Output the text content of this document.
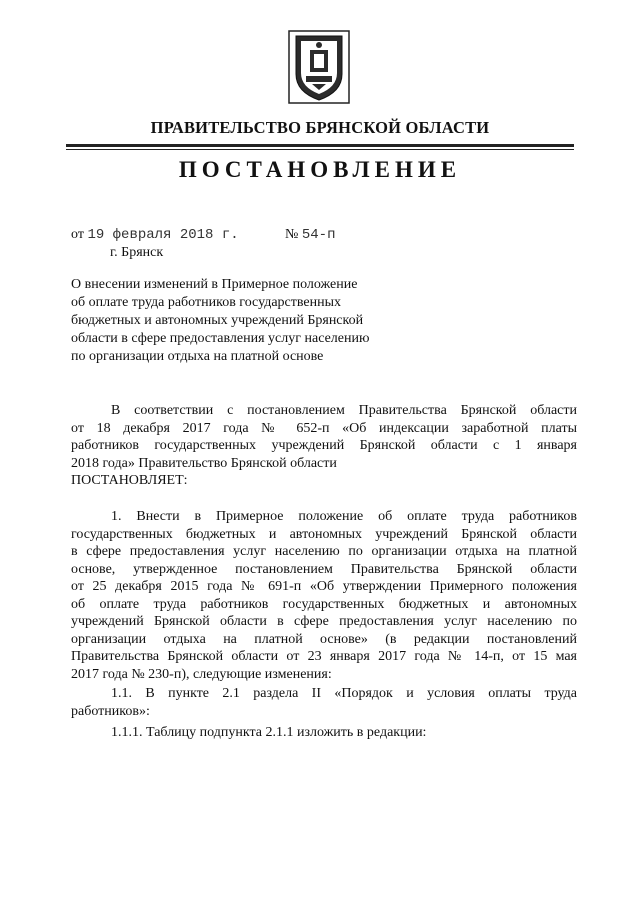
ПРАВИТЕЛЬСТВО БРЯНСКОЙ ОБЛАСТИ
ПОСТАНОВЛЕНИЕ
от 19 февраля 2018 г.	№ 54-п
г. Брянск
О внесении изменений в Примерное положение
об оплате труда работников государственных
бюджетных и автономных учреждений Брянской
области в сфере предоставления услуг населению
по организации отдыха на платной основе
В соответствии с постановлением Правительства Брянской области
от 18 декабря 2017 года № 652-п «Об индексации заработной платы
работников государственных учреждений Брянской области с 1 января
2018 года» Правительство Брянской области
ПОСТАНОВЛЯЕТ:
1. Внести в Примерное положение об оплате труда работников
государственных бюджетных и автономных учреждений Брянской области
в сфере предоставления услуг населению по организации отдыха на платной
основе, утвержденное постановлением Правительства Брянской области
от 25 декабря 2015 года № 691-п «Об утверждении Примерного положения
об оплате труда работников государственных бюджетных и автономных
учреждений Брянской области в сфере предоставления услуг населению по
организации отдыха на платной основе» (в редакции постановлений
Правительства Брянской области от 23 января 2017 года № 14-п, от 15 мая
2017 года № 230-п), следующие изменения:
1.1. В пункте 2.1 раздела II «Порядок и условия оплаты труда
работников»:
1.1.1. Таблицу подпункта 2.1.1 изложить в редакции:
